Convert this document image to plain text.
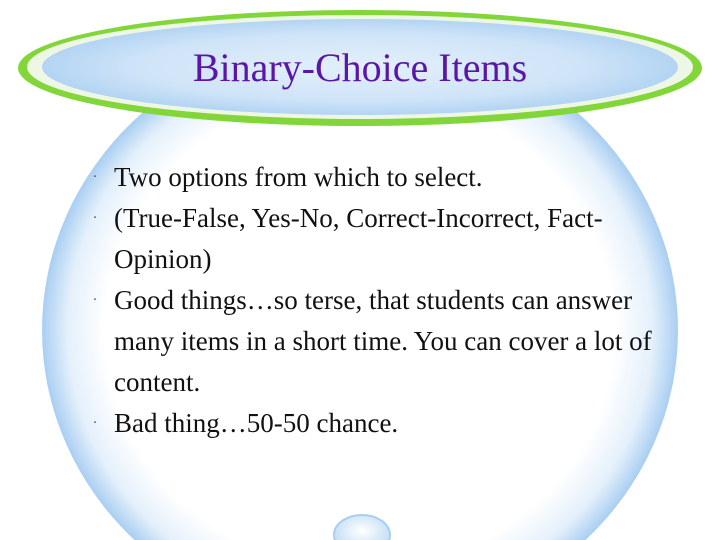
Binary-Choice Items
· Two options from which to select.
· (True-False, Yes-No, Correct-Incorrect, Fact-Opinion)
· Good things…so terse, that students can answer many items in a short time. You can cover a lot of content.
· Bad thing…50-50 chance.
